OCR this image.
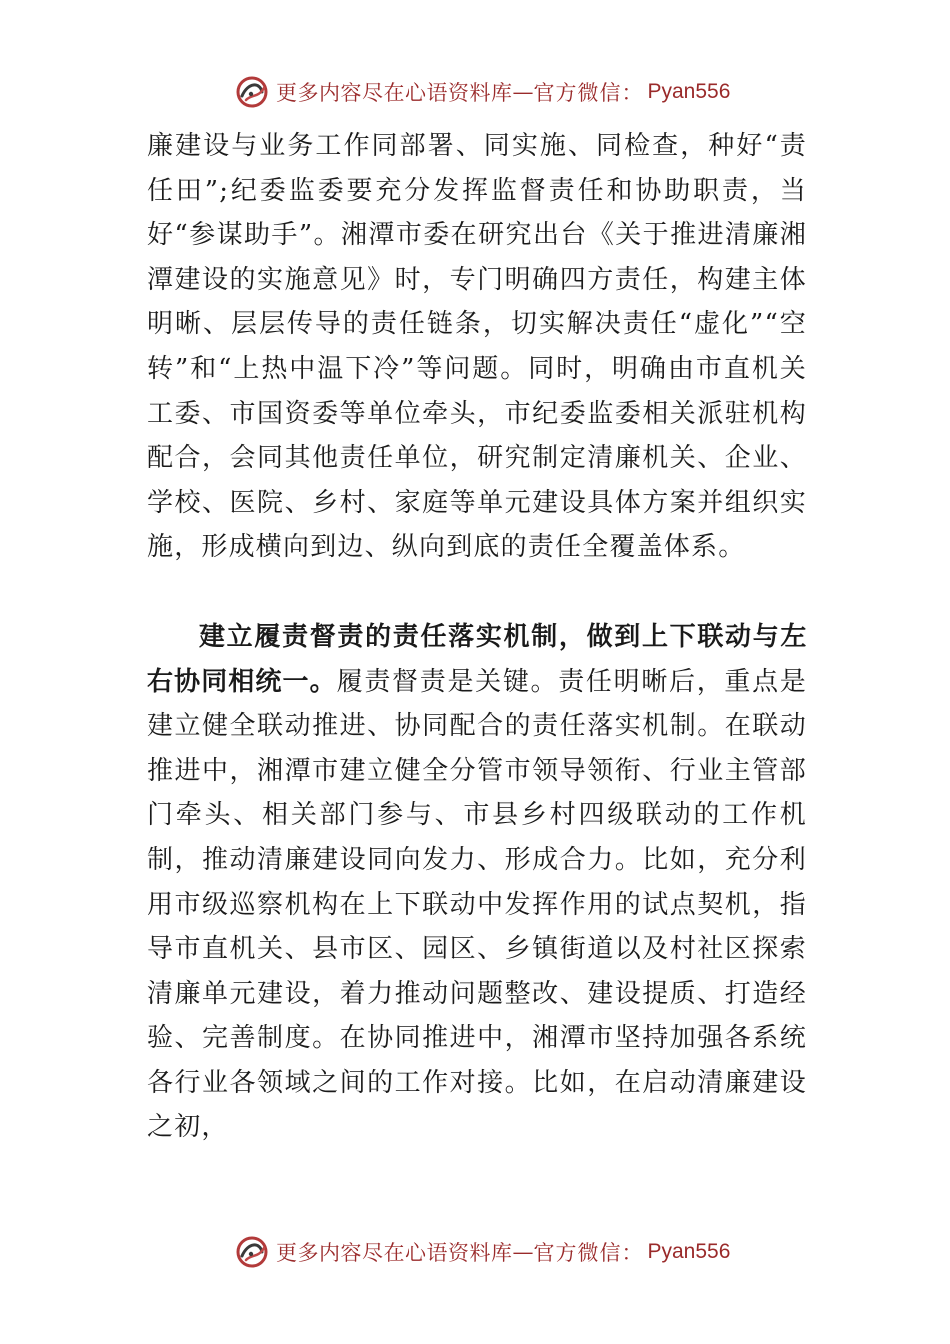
更多内容尽在心语资料库 — 官方微信： Pyan556

廉建设与业务工作同部署、同实施、同检查，种好“责任田”;纪委监委要充分发挥监督责任和协助职责，当好“参谋助手”。湘潭市委在研究出台《关于推进清廉湘潭建设的实施意见》时，专门明确四方责任，构建主体明晰、层层传导的责任链条，切实解决责任“虚化”“空转”和“上热中温下冷”等问题。同时，明确由市直机关工委、市国资委等单位牵头，市纪委监委相关派驻机构配合，会同其他责任单位，研究制定清廉机关、企业、学校、医院、乡村、家庭等单元建设具体方案并组织实施，形成横向到边、纵向到底的责任全覆盖体系。

建立履责督责的责任落实机制，做到上下联动与左右协同相统一。履责督责是关键。责任明晰后，重点是建立健全联动推进、协同配合的责任落实机制。在联动推进中，湘潭市建立健全分管市领导领衔、行业主管部门牵头、相关部门参与、市县乡村四级联动的工作机制，推动清廉建设同向发力、形成合力。比如，充分利用市级巡察机构在上下联动中发挥作用的试点契机，指导市直机关、县市区、园区、乡镇街道以及村社区探索清廉单元建设，着力推动问题整改、建设提质、打造经验、完善制度。在协同推进中，湘潭市坚持加强各系统各行业各领域之间的工作对接。比如，在启动清廉建设之初，

更多内容尽在心语资料库 — 官方微信： Pyan556
